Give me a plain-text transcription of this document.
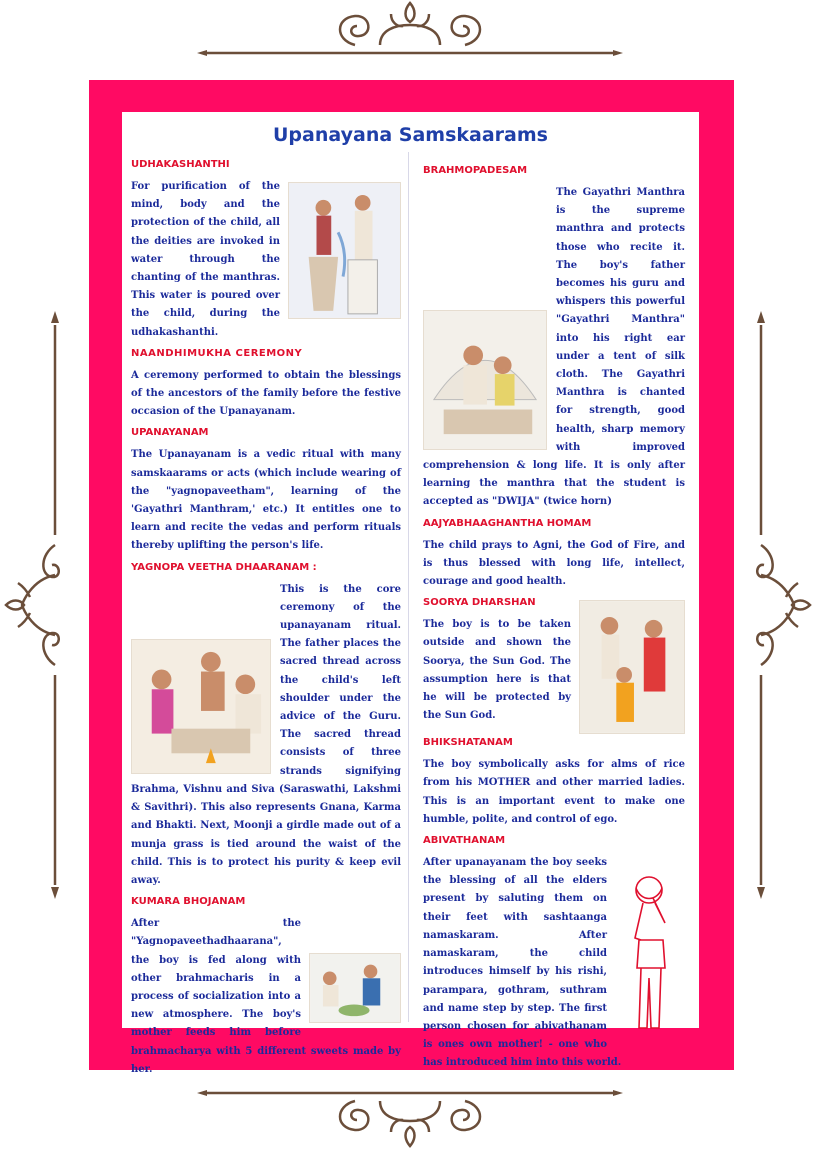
Upanayana Samskaarams
UDHAKASHANTHI
For purification of the mind, body and the protection of the child, all the deities are invoked in water through the chanting of the manthras. This water is poured over the child, during the udhakashanthi.
NAANDHIMUKHA CEREMONY
A ceremony performed to obtain the blessings of the ancestors of the family before the festive occasion of the Upanayanam.
UPANAYANAM
The Upanayanam is a vedic ritual with many samskaarams or acts (which include wearing of the "yagnopaveetham", learning of the 'Gayathri Manthram,' etc.) It entitles one to learn and recite the vedas and perform rituals thereby uplifting the person's life.
YAGNOPA VEETHA DHAARANAM :
This is the core ceremony of the upanayanam ritual. The father places the sacred thread across the child's left shoulder under the advice of the Guru. The sacred thread consists of three strands signifying Brahma, Vishnu and Siva (Saraswathi, Lakshmi & Savithri). This also represents Gnana, Karma and Bhakti. Next, Moonji a girdle made out of a munja grass is tied around the waist of the child. This is to protect his purity & keep evil away.
KUMARA BHOJANAM
After the "Yagnopaveethadhaarana", the boy is fed along with other brahmacharis in a process of socialization into a new atmosphere. The boy's mother feeds him before brahmacharya with 5 different sweets made by her.
BRAHMOPADESAM
The Gayathri Manthra is the supreme manthra and protects those who recite it. The boy's father becomes his guru and whispers this powerful "Gayathri Manthra" into his right ear under a tent of silk cloth. The Gayathri Manthra is chanted for strength, good health, sharp memory with improved comprehension & long life. It is only after learning the manthra that the student is accepted as "DWIJA" (twice horn)
AAJYABHAAGHANTHA HOMAM
The child prays to Agni, the God of Fire, and is thus blessed with long life, intellect, courage and good health.
SOORYA DHARSHAN
The boy is to be taken outside and shown the Soorya, the Sun God. The assumption here is that he will be protected by the Sun God.
BHIKSHATANAM
The boy symbolically asks for alms of rice from his MOTHER and other married ladies. This is an important event to make one humble, polite, and control of ego.
ABIVATHANAM
After upanayanam the boy seeks the blessing of all the elders present by saluting them on their feet with sashtaanga namaskaram. After namaskaram, the child introduces himself by his rishi, parampara, gothram, suthram and name step by step. The first person chosen for abivathanam is ones own mother! - one who has introduced him into this world.
